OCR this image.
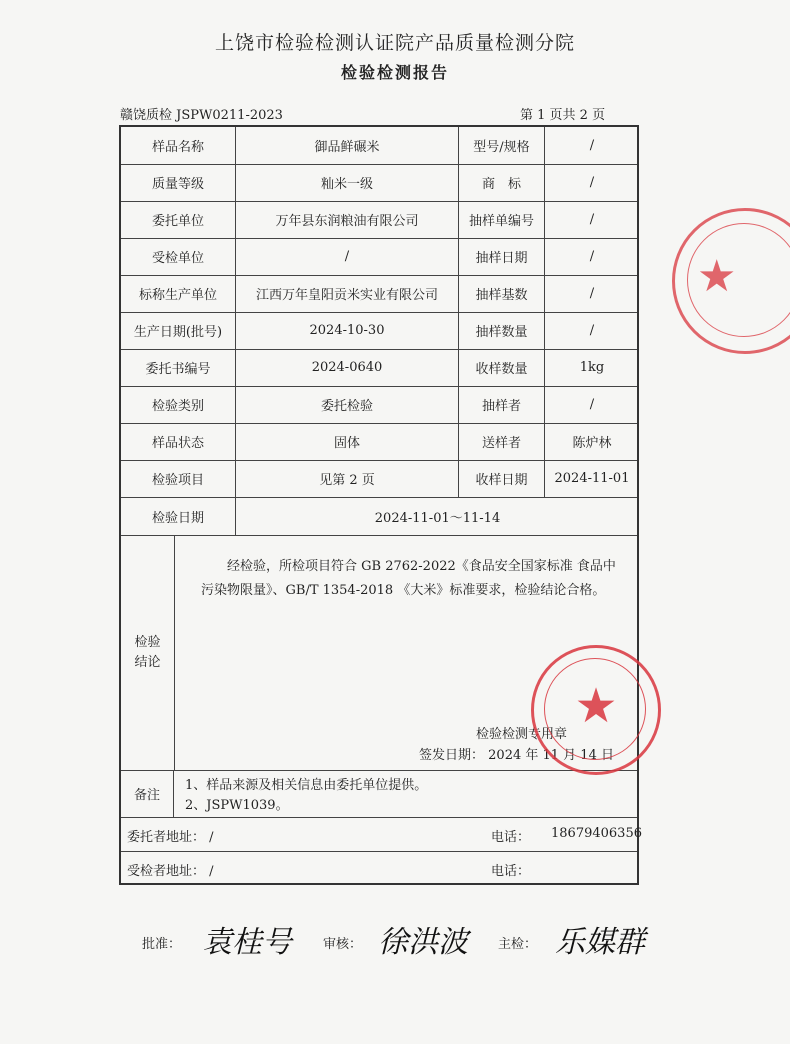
上饶市检验检测认证院产品质量检测分院
检验检测报告
赣饶质检 JSPW0211-2023	第 1 页共 2 页
样品名称	御品鲜碾米	型号/规格	/
质量等级	籼米一级	商　标	/
委托单位	万年县东润粮油有限公司	抽样单编号	/
受检单位	/	抽样日期	/
标称生产单位	江西万年皇阳贡米实业有限公司	抽样基数	/
生产日期(批号)	2024-10-30	抽样数量	/
委托书编号	2024-0640	收样数量	1kg
检验类别	委托检验	抽样者	/
样品状态	固体	送样者	陈炉林
检验项目	见第 2 页	收样日期	2024-11-01
检验日期	2024-11-01～11-14
检验
结论
经检验，所检项目符合 GB 2762-2022《食品安全国家标准 食品中污染物限量》、GB/T 1354-2018 《大米》标准要求，检验结论合格。
检验检测专用章
签发日期： 2024 年 11 月 14 日
★
备注
1、样品来源及相关信息由委托单位提供。
2、JSPW1039。
委托者地址： /	电话： 18679406356
受检者地址： /	电话：
★
批准： 袁桂号 审核： 徐洪波 主检： 乐媒群
